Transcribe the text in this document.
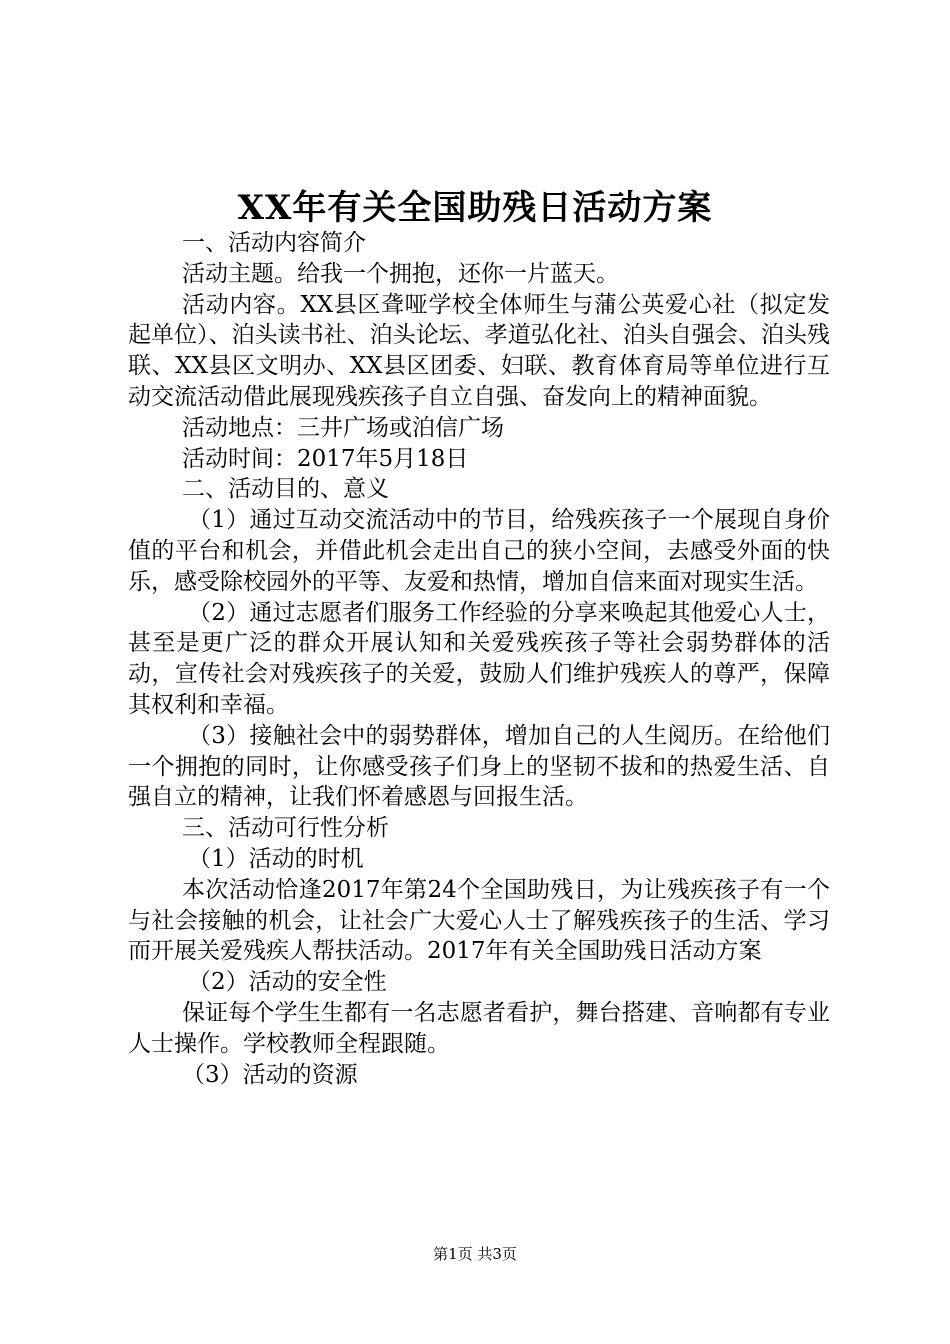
XX年有关全国助残日活动方案

一、活动内容简介

活动主题。给我一个拥抱，还你一片蓝天。

活动内容。XX县区聋哑学校全体师生与蒲公英爱心社（拟定发起单位）、泊头读书社、泊头论坛、孝道弘化社、泊头自强会、泊头残联、XX县区文明办、XX县区团委、妇联、教育体育局等单位进行互动交流活动借此展现残疾孩子自立自强、奋发向上的精神面貌。

活动地点：三井广场或泊信广场

活动时间：2017年5月18日

二、活动目的、意义

（1）通过互动交流活动中的节目，给残疾孩子一个展现自身价值的平台和机会，并借此机会走出自己的狭小空间，去感受外面的快乐，感受除校园外的平等、友爱和热情，增加自信来面对现实生活。

（2）通过志愿者们服务工作经验的分享来唤起其他爱心人士，甚至是更广泛的群众开展认知和关爱残疾孩子等社会弱势群体的活动，宣传社会对残疾孩子的关爱，鼓励人们维护残疾人的尊严，保障其权利和幸福。

（3）接触社会中的弱势群体，增加自己的人生阅历。在给他们一个拥抱的同时，让你感受孩子们身上的坚韧不拔和的热爱生活、自强自立的精神，让我们怀着感恩与回报生活。

三、活动可行性分析

（1）活动的时机

本次活动恰逢2017年第24个全国助残日，为让残疾孩子有一个与社会接触的机会，让社会广大爱心人士了解残疾孩子的生活、学习而开展关爱残疾人帮扶活动。2017年有关全国助残日活动方案

（2）活动的安全性

保证每个学生生都有一名志愿者看护，舞台搭建、音响都有专业人士操作。学校教师全程跟随。

（3）活动的资源

第1页 共3页
